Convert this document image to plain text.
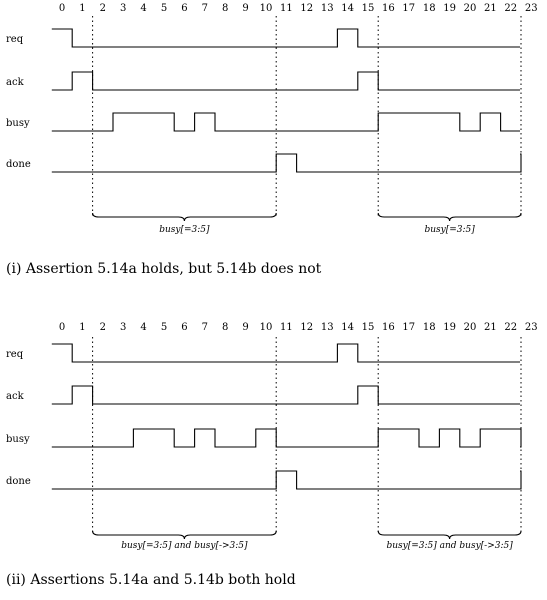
0 1 2 3 4 5 6 7 8 9 10 11 12 13 14 15 16 17 18 19 20 21 22 23
req
ack
busy
done
busy[=3:5]	busy[=3:5]
(i) Assertion 5.14a holds, but 5.14b does not
0 1 2 3 4 5 6 7 8 9 10 11 12 13 14 15 16 17 18 19 20 21 22 23
req
ack
busy
done
busy[=3:5] and busy[->3:5]	busy[=3:5] and busy[->3:5]
(ii) Assertions 5.14a and 5.14b both hold
